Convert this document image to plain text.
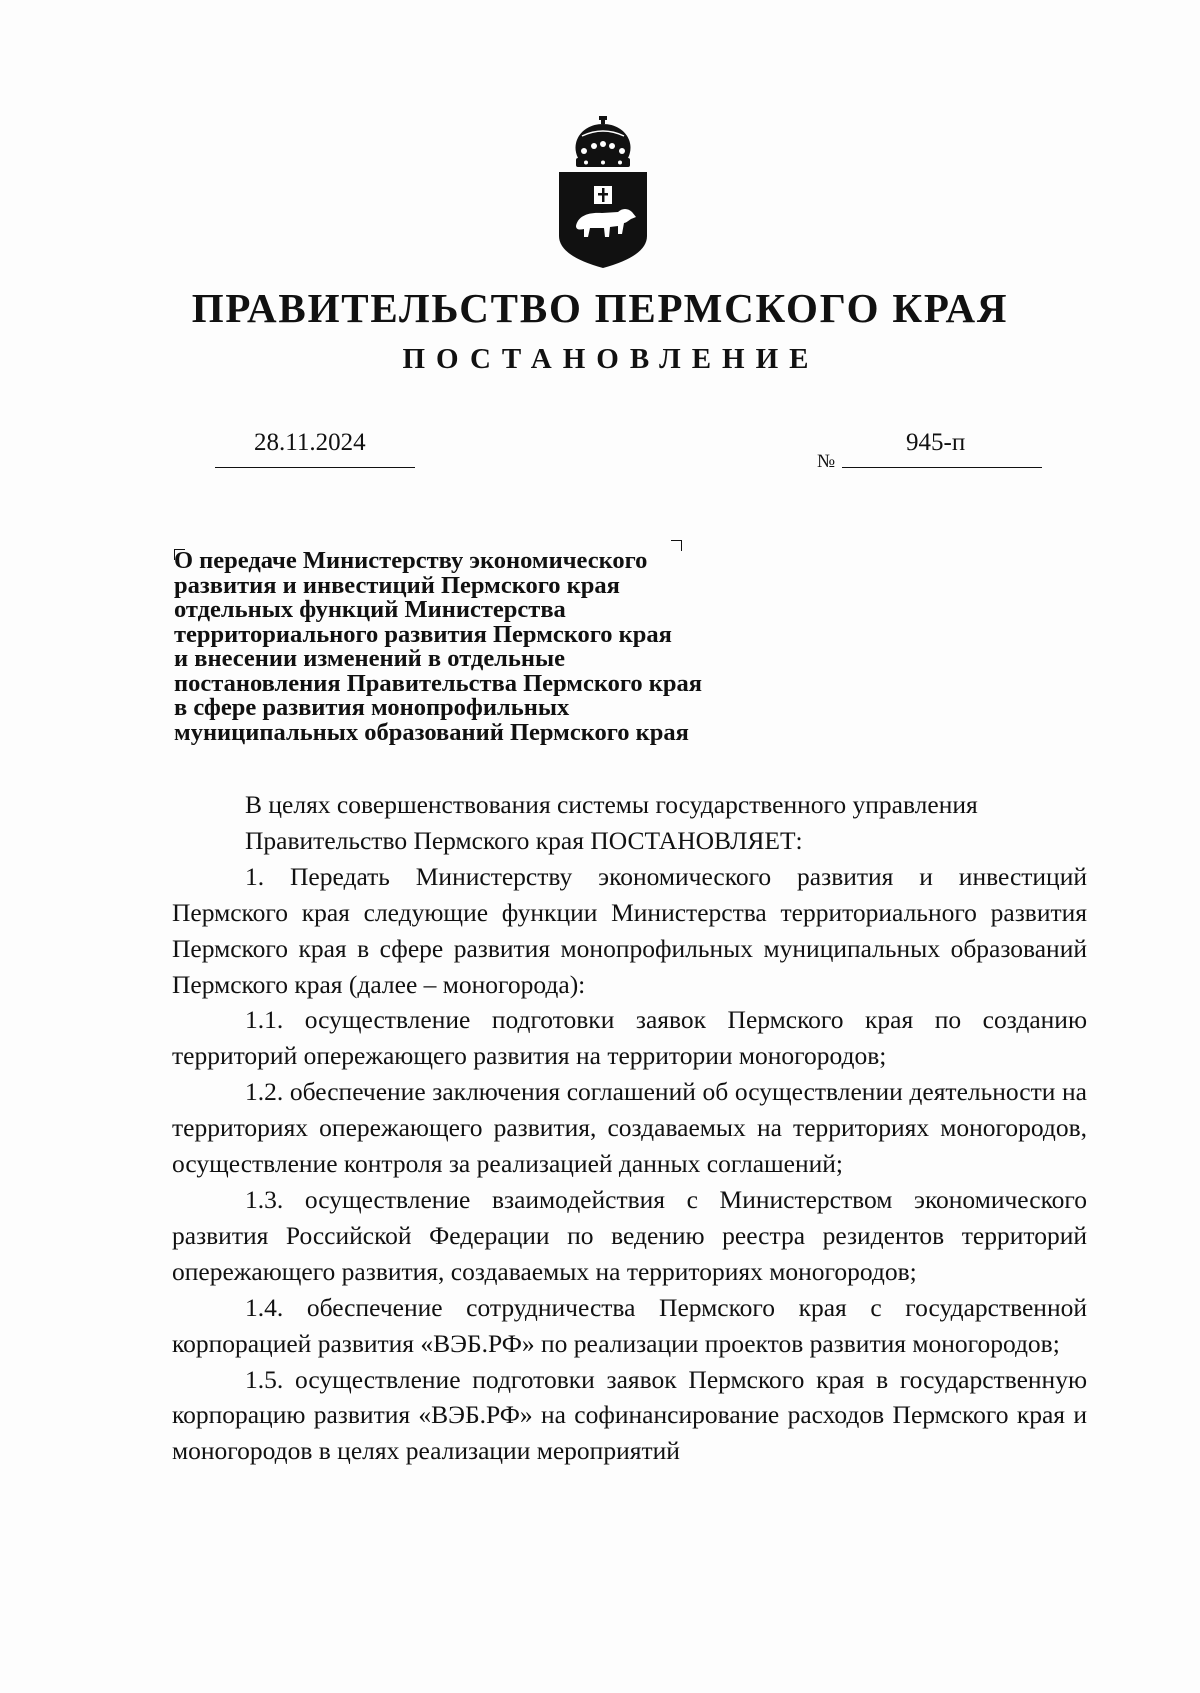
ПРАВИТЕЛЬСТВО ПЕРМСКОГО КРАЯ
ПОСТАНОВЛЕНИЕ
28.11.2024
№
945-п
О передаче Министерству экономического
развития и инвестиций Пермского края
отдельных функций Министерства
территориального развития Пермского края
и внесении изменений в отдельные
постановления Правительства Пермского края
в сфере развития монопрофильных
муниципальных образований Пермского края

В целях совершенствования системы государственного управления

Правительство Пермского края ПОСТАНОВЛЯЕТ:

1. Передать Министерству экономического развития и инвестиций Пермского края следующие функции Министерства территориального развития Пермского края в сфере развития монопрофильных муниципальных образований Пермского края (далее – моногорода):

1.1. осуществление подготовки заявок Пермского края по созданию территорий опережающего развития на территории моногородов;

1.2. обеспечение заключения соглашений об осуществлении деятельности на территориях опережающего развития, создаваемых на территориях моногородов, осуществление контроля за реализацией данных соглашений;

1.3. осуществление взаимодействия с Министерством экономического развития Российской Федерации по ведению реестра резидентов территорий опережающего развития, создаваемых на территориях моногородов;

1.4. обеспечение сотрудничества Пермского края с государственной корпорацией развития «ВЭБ.РФ» по реализации проектов развития моногородов;

1.5. осуществление подготовки заявок Пермского края в государственную корпорацию развития «ВЭБ.РФ» на софинансирование расходов Пермского края и моногородов в целях реализации мероприятий
